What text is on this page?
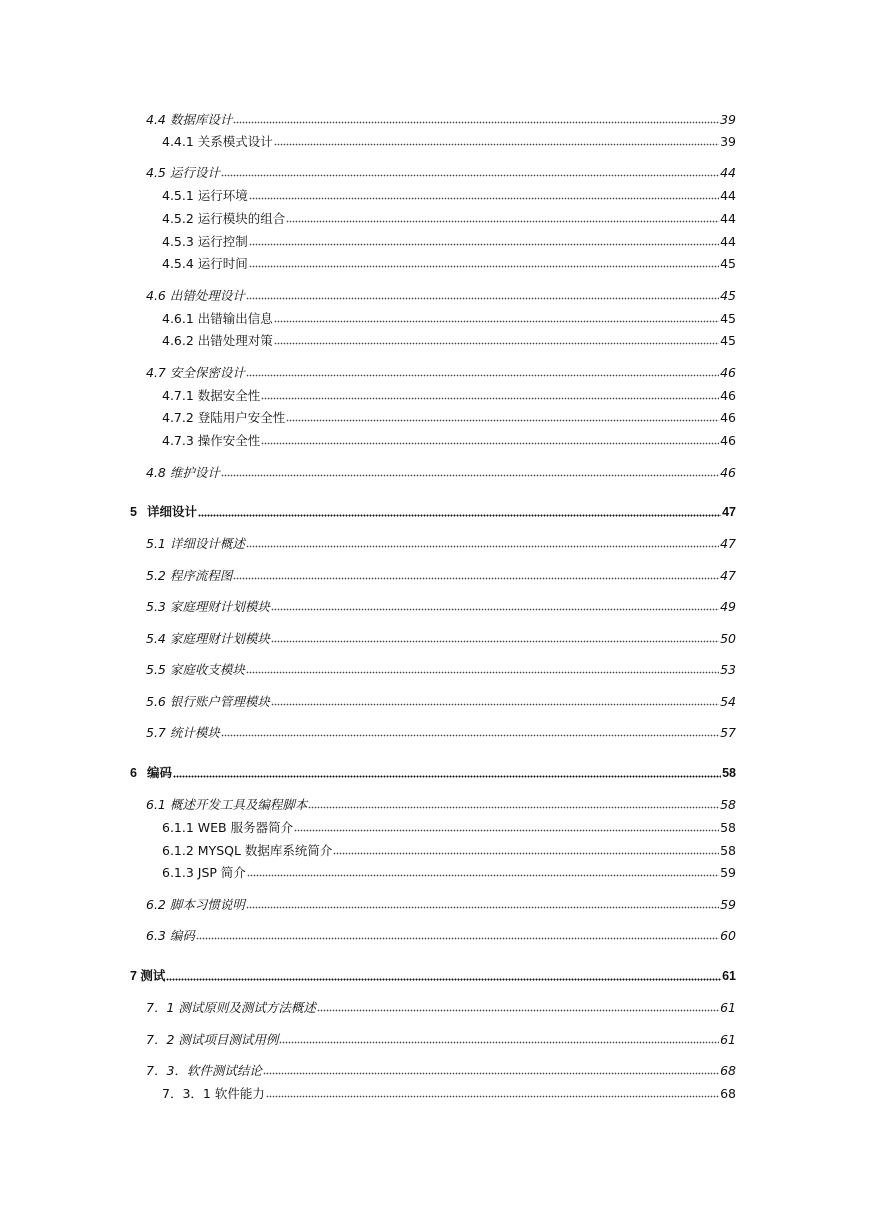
4.4 数据库设计	39
4.4.1 关系模式设计	39
4.5 运行设计	44
4.5.1 运行环境	44
4.5.2 运行模块的组合	44
4.5.3 运行控制	44
4.5.4 运行时间	45
4.6 出错处理设计	45
4.6.1 出错输出信息	45
4.6.2 出错处理对策	45
4.7 安全保密设计	46
4.7.1 数据安全性	46
4.7.2 登陆用户安全性	46
4.7.3 操作安全性	46
4.8 维护设计	46
5 详细设计	47
5.1 详细设计概述	47
5.2 程序流程图	47
5.3 家庭理财计划模块	49
5.4 家庭理财计划模块	50
5.5 家庭收支模块	53
5.6 银行账户管理模块	54
5.7 统计模块	57
6 编码	58
6.1 概述开发工具及编程脚本	58
6.1.1 WEB 服务器简介	58
6.1.2 MYSQL 数据库系统简介	58
6.1.3 JSP 简介	59
6.2 脚本习惯说明	59
6.3 编码	60
7 测试	61
7．1 测试原则及测试方法概述	61
7．2 测试项目测试用例	61
7．3．软件测试结论	68
7．3．1 软件能力	68
